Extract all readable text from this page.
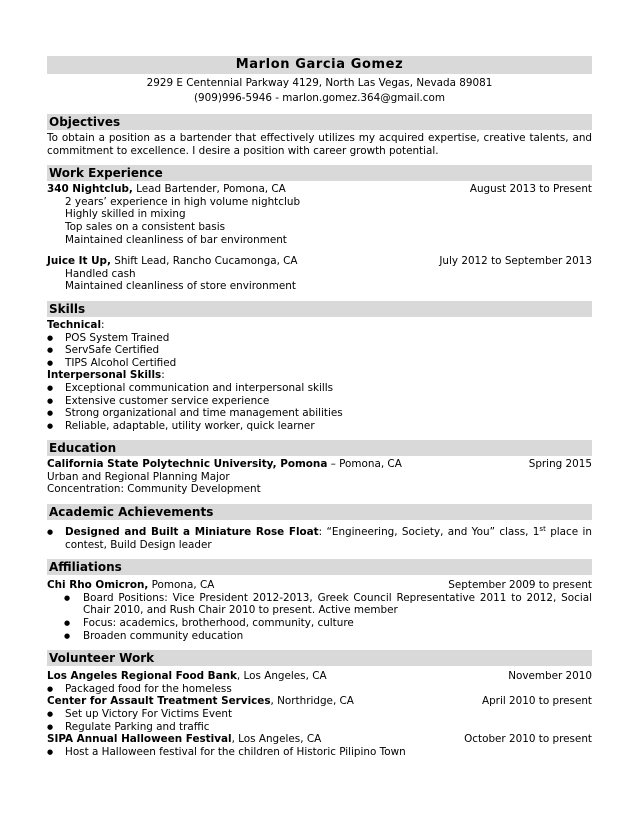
Marlon Garcia Gomez
2929 E Centennial Parkway 4129, North Las Vegas, Nevada 89081
(909)996-5946 - marlon.gomez.364@gmail.com
Objectives
To obtain a position as a bartender that effectively utilizes my acquired expertise, creative talents, and commitment to excellence. I desire a position with career growth potential.
Work Experience
340 Nightclub, Lead Bartender, Pomona, CA	August 2013 to Present
2 years’ experience in high volume nightclub
Highly skilled in mixing
Top sales on a consistent basis
Maintained cleanliness of bar environment
Juice It Up, Shift Lead, Rancho Cucamonga, CA	July 2012 to September 2013
Handled cash
Maintained cleanliness of store environment
Skills
Technical:
● POS System Trained
● ServSafe Certified
● TIPS Alcohol Certified
Interpersonal Skills:
● Exceptional communication and interpersonal skills
● Extensive customer service experience
● Strong organizational and time management abilities
● Reliable, adaptable, utility worker, quick learner
Education
California State Polytechnic University, Pomona – Pomona, CA	Spring 2015
Urban and Regional Planning Major
Concentration: Community Development
Academic Achievements
● Designed and Built a Miniature Rose Float: “Engineering, Society, and You” class, 1st place in contest, Build Design leader
Affiliations
Chi Rho Omicron, Pomona, CA	September 2009 to present
● Board Positions: Vice President 2012-2013, Greek Council Representative 2011 to 2012, Social Chair 2010, and Rush Chair 2010 to present. Active member
● Focus: academics, brotherhood, community, culture
● Broaden community education
Volunteer Work
Los Angeles Regional Food Bank, Los Angeles, CA	November 2010
● Packaged food for the homeless
Center for Assault Treatment Services, Northridge, CA	April 2010 to present
● Set up Victory For Victims Event
● Regulate Parking and traffic
SIPA Annual Halloween Festival, Los Angeles, CA	October 2010 to present
● Host a Halloween festival for the children of Historic Pilipino Town
